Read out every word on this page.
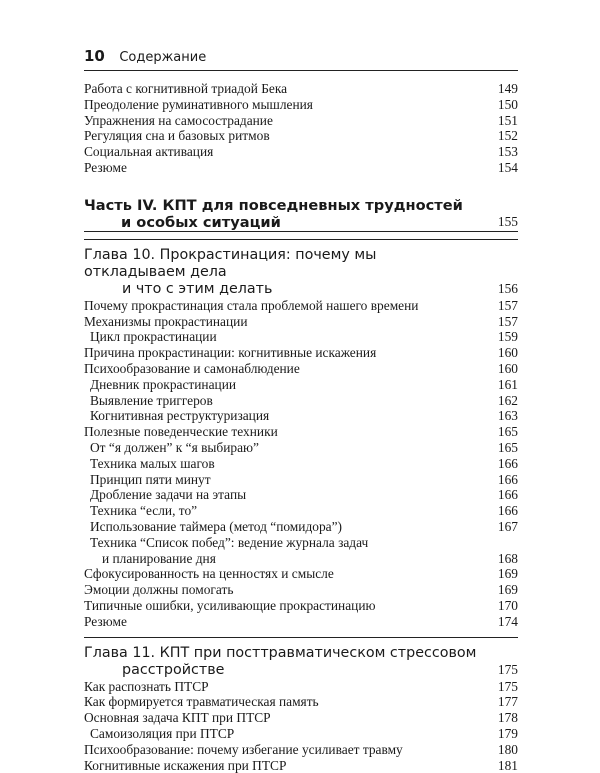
10 Содержание
Работа с когнитивной триадой Бека	149
Преодоление руминативного мышления	150
Упражнения на самосострадание	151
Регуляция сна и базовых ритмов	152
Социальная активация	153
Резюме	154
Часть IV. КПТ для повседневных трудностей
и особых ситуаций	155
Глава 10. Прокрастинация: почему мы откладываем дела
и что с этим делать	156
Почему прокрастинация стала проблемой нашего времени	157
Механизмы прокрастинации	157
Цикл прокрастинации	159
Причина прокрастинации: когнитивные искажения	160
Психообразование и самонаблюдение	160
Дневник прокрастинации	161
Выявление триггеров	162
Когнитивная реструктуризация	163
Полезные поведенческие техники	165
От “я должен” к “я выбираю”	165
Техника малых шагов	166
Принцип пяти минут	166
Дробление задачи на этапы	166
Техника “если, то”	166
Использование таймера (метод “помидора”)	167
Техника “Список побед”: ведение журнала задач
и планирование дня	168
Сфокусированность на ценностях и смысле	169
Эмоции должны помогать	169
Типичные ошибки, усиливающие прокрастинацию	170
Резюме	174
Глава 11. КПТ при посттравматическом стрессовом
расстройстве	175
Как распознать ПТСР	175
Как формируется травматическая память	177
Основная задача КПТ при ПТСР	178
Самоизоляция при ПТСР	179
Психообразование: почему избегание усиливает травму	180
Когнитивные искажения при ПТСР	181
